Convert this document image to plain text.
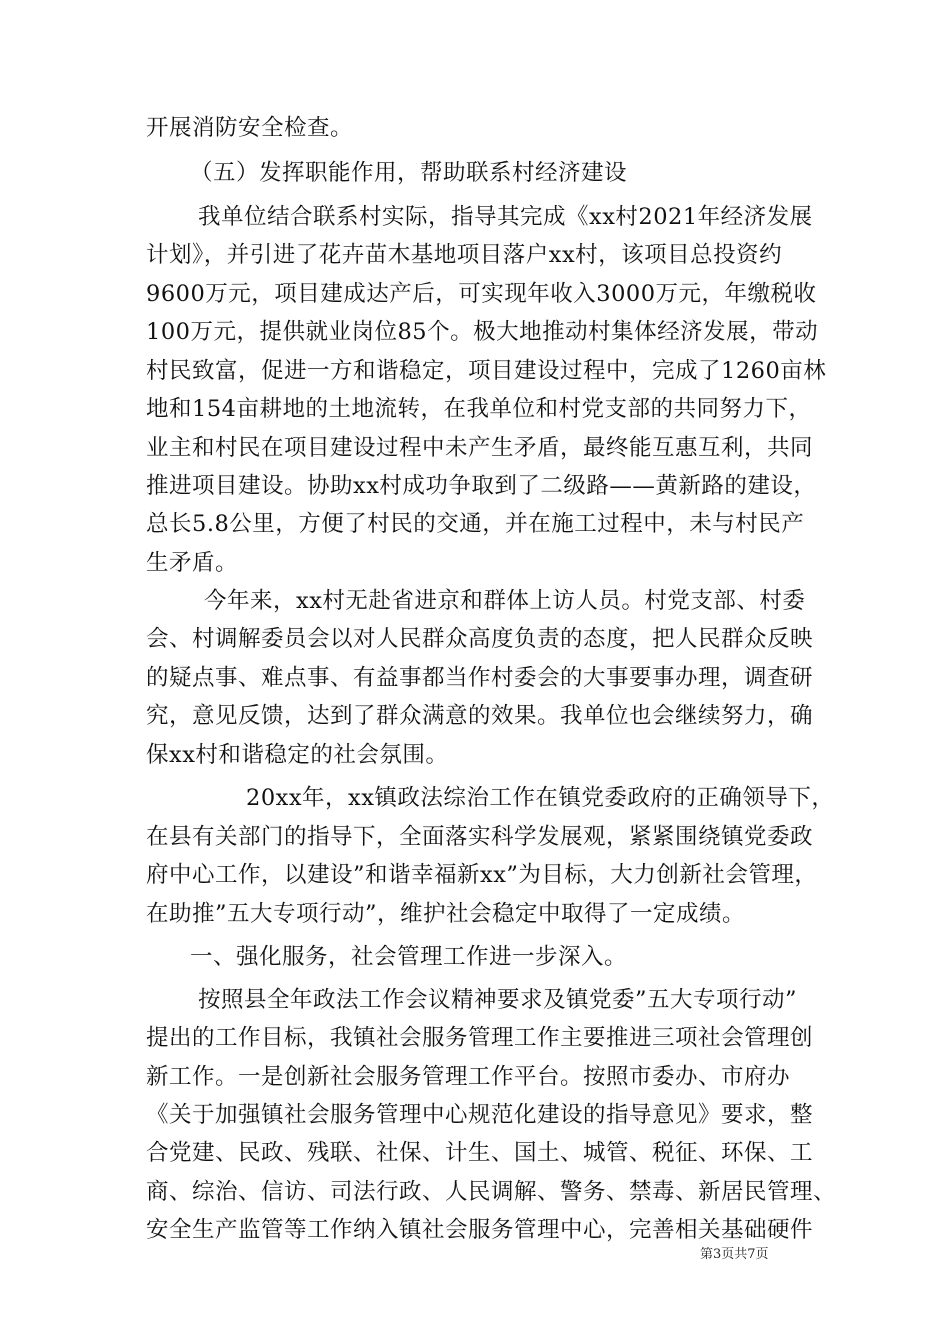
开展消防安全检查。
（五）发挥职能作用，帮助联系村经济建设
我单位结合联系村实际，指导其完成《xx村2021年经济发展
计划》，并引进了花卉苗木基地项目落户xx村，该项目总投资约
9600万元，项目建成达产后，可实现年收入3000万元，年缴税收
100万元，提供就业岗位85个。极大地推动村集体经济发展，带动
村民致富，促进一方和谐稳定，项目建设过程中，完成了1260亩林
地和154亩耕地的土地流转，在我单位和村党支部的共同努力下，
业主和村民在项目建设过程中未产生矛盾，最终能互惠互利，共同
推进项目建设。协助xx村成功争取到了二级路——黄新路的建设，
总长5.8公里，方便了村民的交通，并在施工过程中，未与村民产
生矛盾。
今年来，xx村无赴省进京和群体上访人员。村党支部、村委
会、村调解委员会以对人民群众高度负责的态度，把人民群众反映
的疑点事、难点事、有益事都当作村委会的大事要事办理，调查研
究，意见反馈，达到了群众满意的效果。我单位也会继续努力，确
保xx村和谐稳定的社会氛围。
20xx年，xx镇政法综治工作在镇党委政府的正确领导下，
在县有关部门的指导下，全面落实科学发展观，紧紧围绕镇党委政
府中心工作，以建设”和谐幸福新xx”为目标，大力创新社会管理，
在助推”五大专项行动”，维护社会稳定中取得了一定成绩。
一、强化服务，社会管理工作进一步深入。
按照县全年政法工作会议精神要求及镇党委”五大专项行动”
提出的工作目标，我镇社会服务管理工作主要推进三项社会管理创
新工作。一是创新社会服务管理工作平台。按照市委办、市府办
《关于加强镇社会服务管理中心规范化建设的指导意见》要求，整
合党建、民政、残联、社保、计生、国土、城管、税征、环保、工
商、综治、信访、司法行政、人民调解、警务、禁毒、新居民管理、
安全生产监管等工作纳入镇社会服务管理中心，完善相关基础硬件
第3页共7页
